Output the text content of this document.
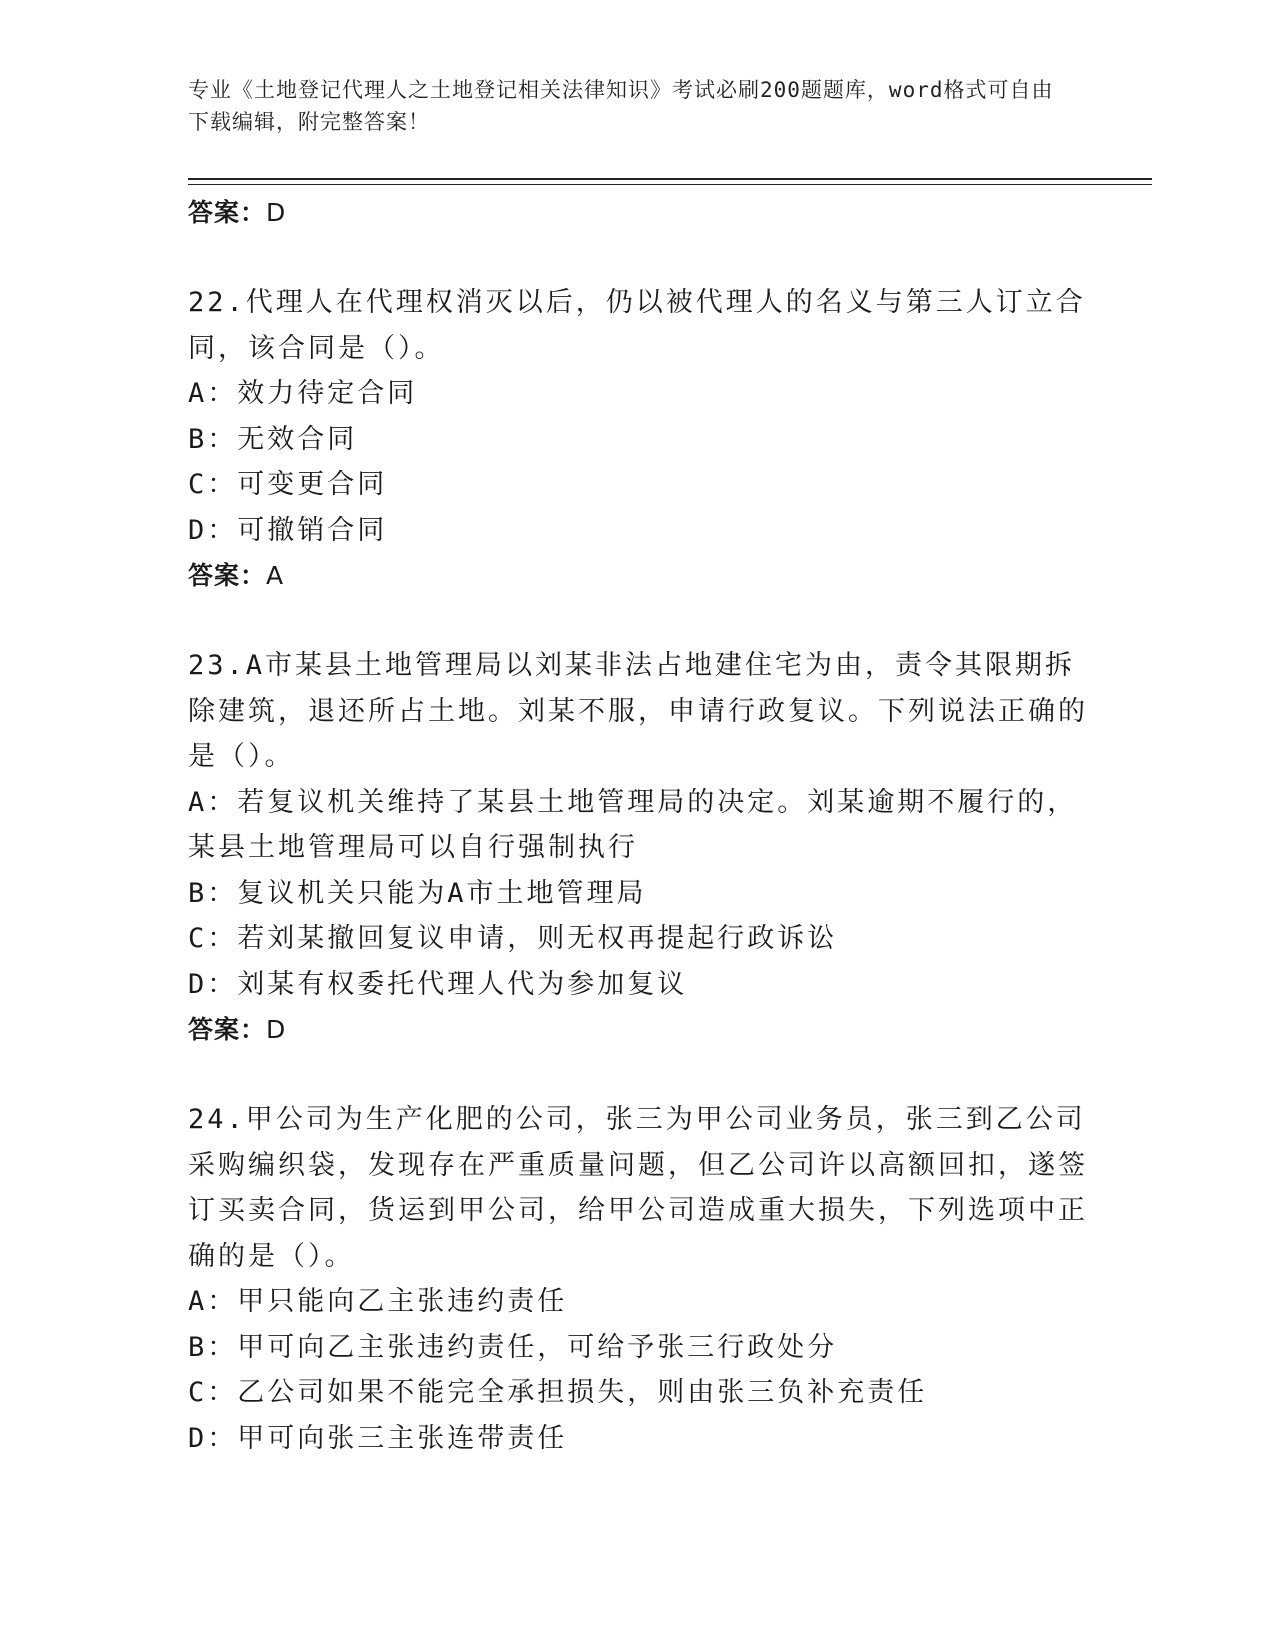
专业《土地登记代理人之土地登记相关法律知识》考试必刷200题题库，word格式可自由下载编辑，附完整答案！
答案：D
22.代理人在代理权消灭以后，仍以被代理人的名义与第三人订立合同，该合同是（）。
A：效力待定合同
B：无效合同
C：可变更合同
D：可撤销合同
答案：A
23.A市某县土地管理局以刘某非法占地建住宅为由，责令其限期拆除建筑，退还所占土地。刘某不服，申请行政复议。下列说法正确的是（）。
A：若复议机关维持了某县土地管理局的决定。刘某逾期不履行的，某县土地管理局可以自行强制执行
B：复议机关只能为A市土地管理局
C：若刘某撤回复议申请，则无权再提起行政诉讼
D：刘某有权委托代理人代为参加复议
答案：D
24.甲公司为生产化肥的公司，张三为甲公司业务员，张三到乙公司采购编织袋，发现存在严重质量问题，但乙公司许以高额回扣，遂签订买卖合同，货运到甲公司，给甲公司造成重大损失，下列选项中正确的是（）。
A：甲只能向乙主张违约责任
B：甲可向乙主张违约责任，可给予张三行政处分
C：乙公司如果不能完全承担损失，则由张三负补充责任
D：甲可向张三主张连带责任
